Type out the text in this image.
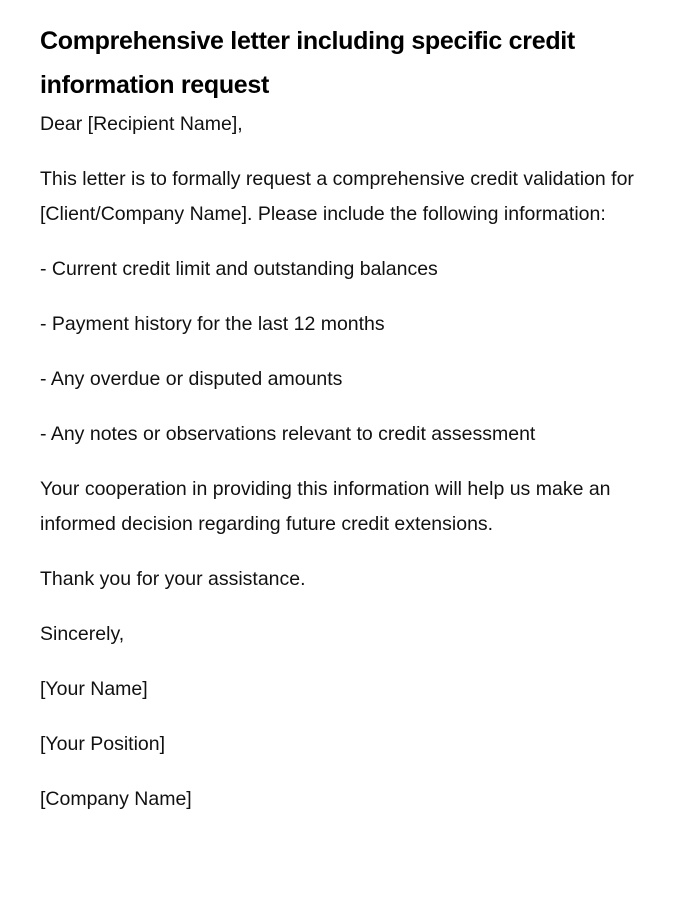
Comprehensive letter including specific credit information request

Dear [Recipient Name],

This letter is to formally request a comprehensive credit validation for [Client/Company Name]. Please include the following information:

- Current credit limit and outstanding balances

- Payment history for the last 12 months

- Any overdue or disputed amounts

- Any notes or observations relevant to credit assessment

Your cooperation in providing this information will help us make an informed decision regarding future credit extensions.

Thank you for your assistance.

Sincerely,

[Your Name]

[Your Position]

[Company Name]
